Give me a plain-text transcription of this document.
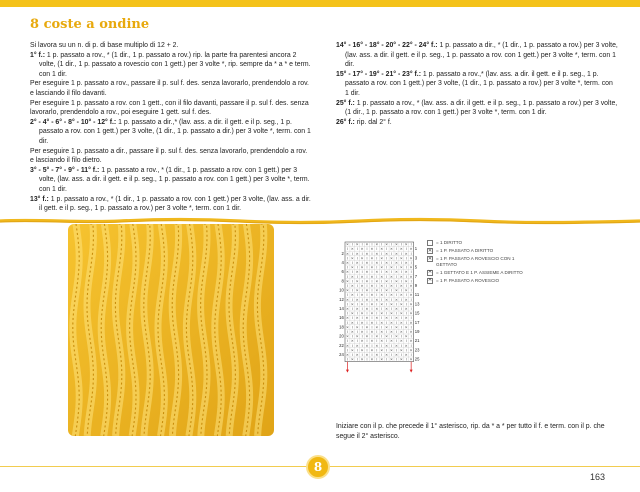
8 coste a ondine
Si lavora su un n. di p. di base multiplo di 12 + 2.
1° f.: 1 p. passato a rov., * (1 dir., 1 p. passato a rov.) rip. la parte fra parentesi ancora 2 volte, (1 dir., 1 p. passato a rovescio con 1 gett.) per 3 volte *, rip. sempre da * a * e term. con 1 dir.
Per eseguire 1 p. passato a rov., passare il p. sul f. des. senza lavorarlo, prendendolo a rov. e lasciando il filo davanti.
Per eseguire 1 p. passato a rov. con 1 gett., con il filo davanti, passare il p. sul f. des. senza lavorarlo, prendendolo a rov., poi eseguire 1 gett. sul f. des.
2° - 4° - 6° - 8° - 10° - 12° f.: 1 p. passato a dir.,* (lav. ass. a dir. il gett. e il p. seg., 1 p. passato a rov. con 1 gett.) per 3 volte, (1 dir., 1 p. passato a dir.) per 3 volte *, term. con 1 dir.
Per eseguire 1 p. passato a dir., passare il p. sul f. des. senza lavorarlo, prendendolo a rov. e lasciando il filo dietro.
3° - 5° - 7° - 9° - 11° f.: 1 p. passato a rov., * (1 dir., 1 p. passato a rov. con 1 gett.) per 3 volte, (lav. ass. a dir. il gett. e il p. seg., 1 p. passato a rov. con 1 gett.) per 3 volte *, term. con 1 dir.
13° f.: 1 p. passato a rov., * (1 dir., 1 p. passato a rov. con 1 gett.) per 3 volte, (lav. ass. a dir. il gett. e il p. seg., 1 p. passato a rov.) per 3 volte *, term. con 1 dir.
14° - 16° - 18° - 20° - 22° - 24° f.: 1 p. passato a dir., * (1 dir., 1 p. passato a rov.) per 3 volte, (lav. ass. a dir. il gett. e il p. seg., 1 p. passato a rov. con 1 gett.) per 3 volte *, term. con 1 dir.
15° - 17° - 19° - 21° - 23° f.: 1 p. passato a rov.,* (lav. ass. a dir. il gett. e il p. seg., 1 p. passato a rov. con 1 gett.) per 3 volte, (1 dir., 1 p. passato a rov.) per 3 volte *, term. con 1 dir.
25° f.: 1 p. passato a rov., * (lav. ass. a dir. il gett. e il p. seg., 1 p. passato a rov.) per 3 volte, (1 dir., 1 p. passato a rov. con 1 gett.) per 3 volte *, term. con 1 dir.
26° f.: rip. dal 2° f.
✕ I ✕ I ✕ I ✕ I ✕ I ✕ I ✕ I
I ✕ I ✕ I ✕ I ✕ I ✕ I ✕ I ✕
✕ I ✕ I ✕ I ✕ I ✕ I ✕ I ✕ I
I ✕ I ✕ I ✕ I ✕ I ✕ I ✕ I ✕
✕ I ✕ I ✕ I ✕ I ✕ I ✕ I ✕ I
I ✕ I ✕ I ✕ I ✕ I ✕ I ✕ I ✕
✕ I ✕ I ✕ I ✕ I ✕ I ✕ I ✕ I
I ✕ I ✕ I ✕ I ✕ I ✕ I ✕ I ✕
✕ I ✕ I ✕ I ✕ I ✕ I ✕ I ✕ I
I ✕ I ✕ I ✕ I ✕ I ✕ I ✕ I ✕
✕ I ✕ I ✕ I ✕ I ✕ I ✕ I ✕ I
I ✕ I ✕ I ✕ I ✕ I ✕ I ✕ I ✕
✕ I ✕ I ✕ I ✕ I ✕ I ✕ I ✕ I
I ✕ I ✕ I ✕ I ✕ I ✕ I ✕ I ✕
✕ I ✕ I ✕ I ✕ I ✕ I ✕ I ✕ I
I ✕ I ✕ I ✕ I ✕ I ✕ I ✕ I ✕
✕ I ✕ I ✕ I ✕ I ✕ I ✕ I ✕ I
I ✕ I ✕ I ✕ I ✕ I ✕ I ✕ I ✕
✕ I ✕ I ✕ I ✕ I ✕ I ✕ I ✕ I
I ✕ I ✕ I ✕ I ✕ I ✕ I ✕ I ✕
✕ I ✕ I ✕ I ✕ I ✕ I ✕ I ✕ I
I ✕ I ✕ I ✕ I ✕ I ✕ I ✕ I ✕
✕ I ✕ I ✕ I ✕ I ✕ I ✕ I ✕ I
I ✕ I ✕ I ✕ I ✕ I ✕ I ✕ I ✕
✕ I ✕ I ✕ I ✕ I ✕ I ✕ I ✕ I
I ✕ I ✕ I ✕ I ✕ I ✕ I ✕ I ✕ 25
23
21
19
17
15
13
11
9
7
5
3
1
24
22
20
18
16
14
12
10
8
6
4
2
= 1 DIRITTO
✕ = 1 P. PASSATO A DIRITTO
✕ = 1 P. PASSATO A ROVESCIO CON 1 GETTATO
✕ = 1 GETTATO E 1 P. ASSIEME A DIRITTO
✕ = 1 P. PASSATO A ROVESCIO
Iniziare con il p. che precede il 1° asterisco, rip. da * a * per tutto il f. e term. con il p. che segue il 2° asterisco.
8
163
